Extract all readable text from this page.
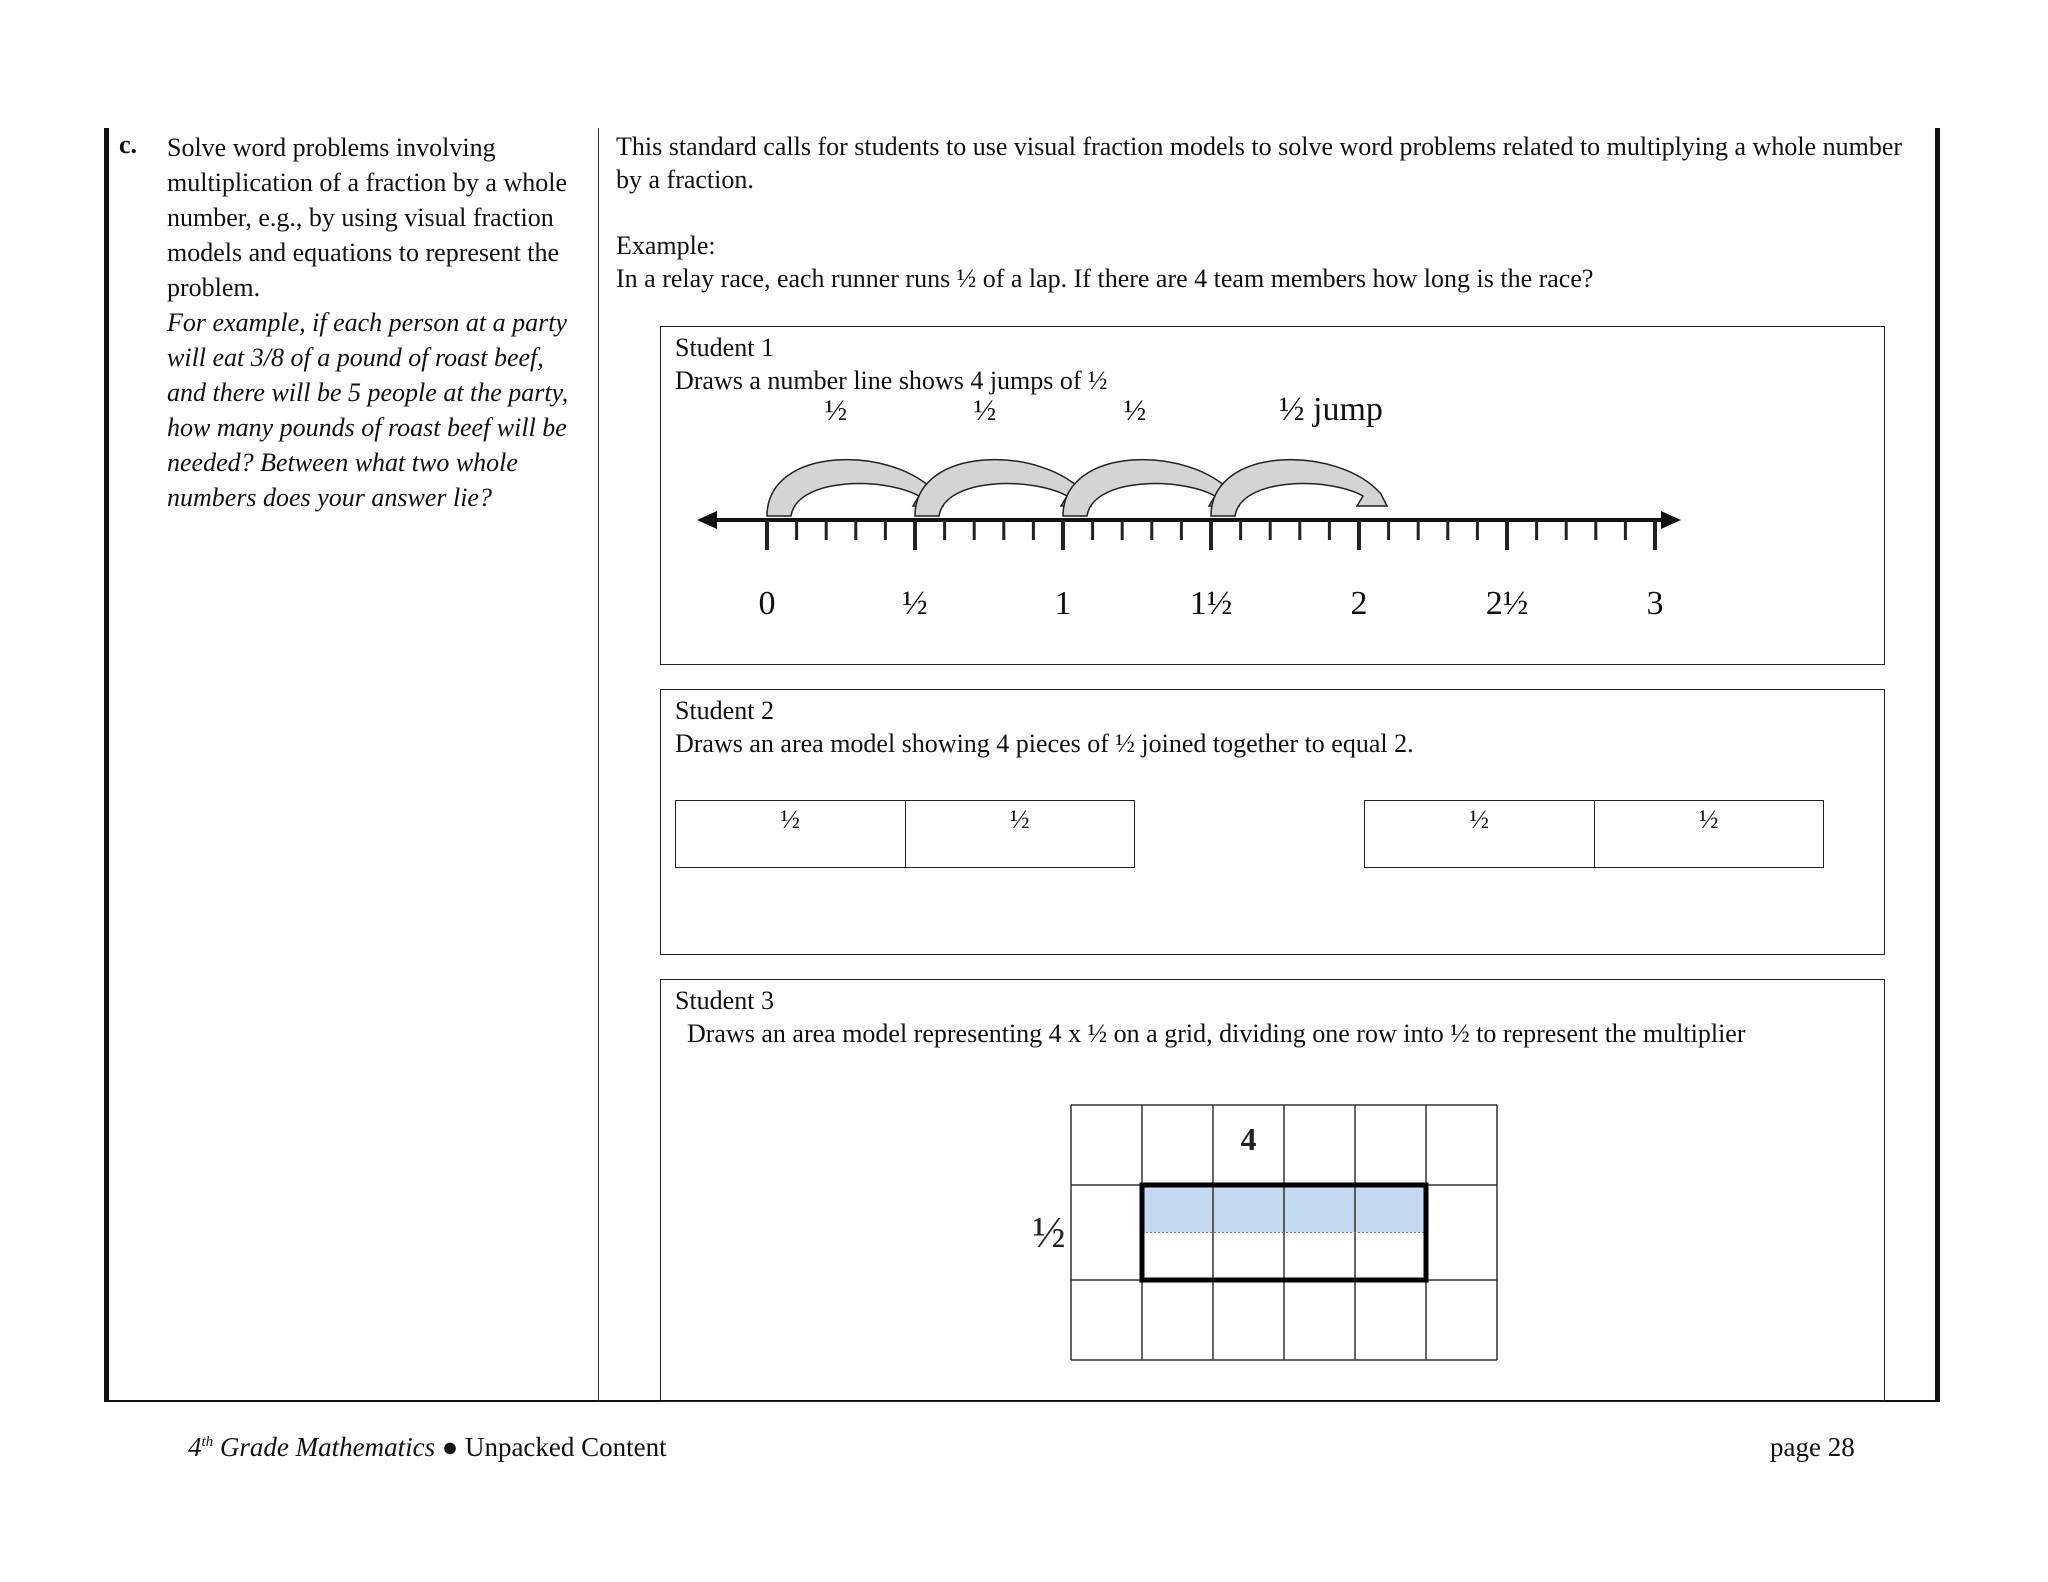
c. Solve word problems involving multiplication of a fraction by a whole number, e.g., by using visual fraction models and equations to represent the problem.
For example, if each person at a party will eat 3/8 of a pound of roast beef, and there will be 5 people at the party, how many pounds of roast beef will be needed? Between what two whole numbers does your answer lie?

This standard calls for students to use visual fraction models to solve word problems related to multiplying a whole number by a fraction.

Example:

In a relay race, each runner runs ½ of a lap. If there are 4 team members how long is the race?

Student 1
Draws a number line shows 4 jumps of ½
0	½	1	1½	2	2½	3
½	½	½	½ jump
Student 2
Draws an area model showing 4 pieces of ½ joined together to equal 2.
½	½	½	½
Student 3
Draws an area model representing 4 x ½ on a grid, dividing one row into ½ to represent the multiplier
4
½
4th Grade Mathematics ● Unpacked Content	page 28
